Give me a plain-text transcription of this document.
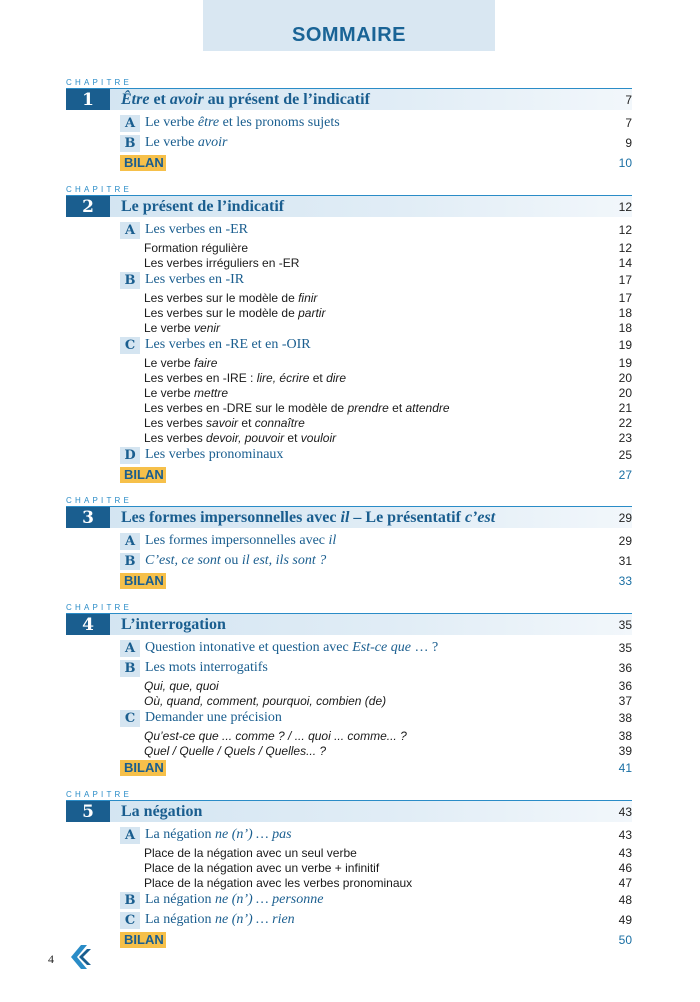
SOMMAIRE
CHAPITRE
1	Être et avoir au présent de l’indicatif	7
A Le verbe être et les pronoms sujets	7
B Le verbe avoir	9
BILAN	10
CHAPITRE
2	Le présent de l’indicatif	12
A Les verbes en -ER	12
Formation régulière	12
Les verbes irréguliers en -ER	14
B Les verbes en -IR	17
Les verbes sur le modèle de finir	17
Les verbes sur le modèle de partir	18
Le verbe venir	18
C Les verbes en -RE et en -OIR	19
Le verbe faire	19
Les verbes en -IRE : lire, écrire et dire	20
Le verbe mettre	20
Les verbes en -DRE sur le modèle de prendre et attendre	21
Les verbes savoir et connaître	22
Les verbes devoir, pouvoir et vouloir	23
D Les verbes pronominaux	25
BILAN	27
CHAPITRE
3	Les formes impersonnelles avec il – Le présentatif c’est	29
A Les formes impersonnelles avec il	29
B C’est, ce sont ou il est, ils sont ?	31
BILAN	33
CHAPITRE
4	L’interrogation	35
A Question intonative et question avec Est-ce que … ?	35
B Les mots interrogatifs	36
Qui, que, quoi	36
Où, quand, comment, pourquoi, combien (de)	37
C Demander une précision	38
Qu’est-ce que ... comme ? / ... quoi ... comme... ?	38
Quel / Quelle / Quels / Quelles... ?	39
BILAN	41
CHAPITRE
5	La négation	43
A La négation ne (n’) … pas	43
Place de la négation avec un seul verbe	43
Place de la négation avec un verbe + infinitif	46
Place de la négation avec les verbes pronominaux	47
B La négation ne (n’) … personne	48
C La négation ne (n’) … rien	49
BILAN	50
4
